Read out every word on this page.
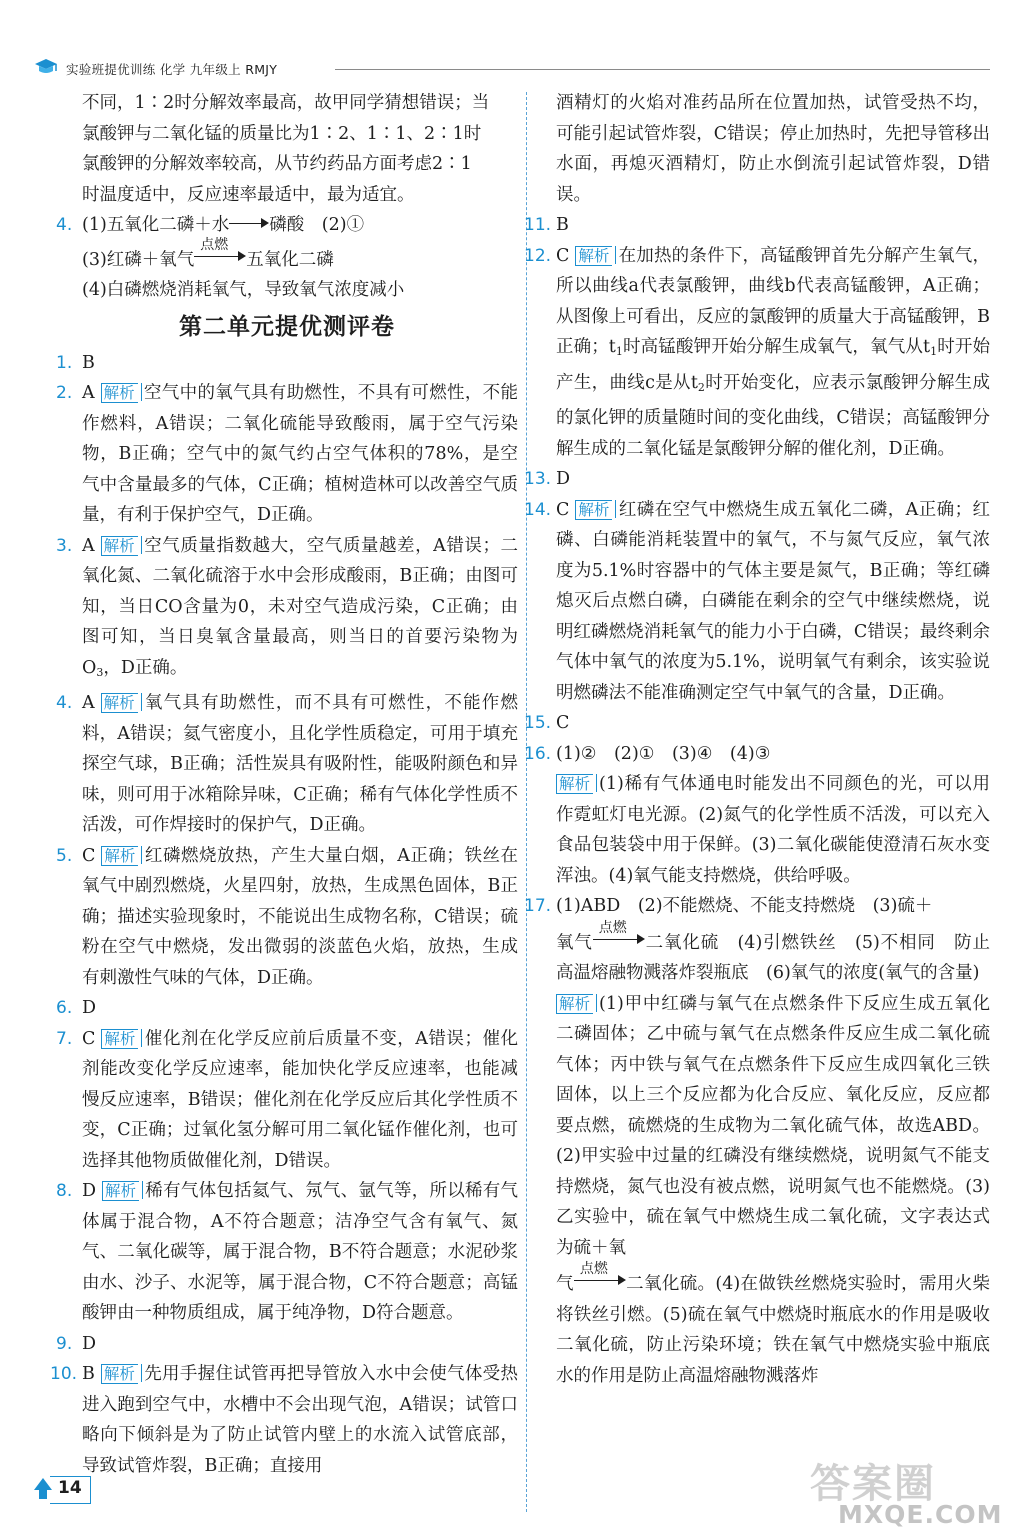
实验班提优训练 化学 九年级上 RMJY

不同，1∶2时分解效率最高，故甲同学猜想错误；当

氯酸钾与二氧化锰的质量比为1∶2、1∶1、2∶1时

氯酸钾的分解效率较高，从节约药品方面考虑2∶1

时温度适中，反应速率最适中，最为适宜。

4. (1)五氧化二磷＋水 磷酸　(2)①
(3)红磷＋氧气
点燃
五氧化二磷
(4)白磷燃烧消耗氧气，导致氧气浓度减小
第二单元提优测评卷
1. B
2. A 解析 空气中的氧气具有助燃性，不具有可燃性，不能作燃料，A错误；二氧化硫能导致酸雨，属于空气污染物，B正确；空气中的氮气约占空气体积的78%，是空气中含量最多的气体，C正确；植树造林可以改善空气质量，有利于保护空气，D正确。
3. A 解析 空气质量指数越大，空气质量越差，A错误；二氧化氮、二氧化硫溶于水中会形成酸雨，B正确；由图可知，当日CO含量为0，未对空气造成污染，C正确；由图可知，当日臭氧含量最高，则当日的首要污染物为$O_3$，D正确。
4. A 解析 氧气具有助燃性，而不具有可燃性，不能作燃料，A错误；氦气密度小，且化学性质稳定，可用于填充探空气球，B正确；活性炭具有吸附性，能吸附颜色和异味，则可用于冰箱除异味，C正确；稀有气体化学性质不活泼，可作焊接时的保护气，D正确。
5. C 解析 红磷燃烧放热，产生大量白烟，A正确；铁丝在氧气中剧烈燃烧，火星四射，放热，生成黑色固体，B正确；描述实验现象时，不能说出生成物名称，C错误；硫粉在空气中燃烧，发出微弱的淡蓝色火焰，放热，生成有刺激性气味的气体，D正确。
6. D
7. C 解析 催化剂在化学反应前后质量不变，A错误；催化剂能改变化学反应速率，能加快化学反应速率，也能减慢反应速率，B错误；催化剂在化学反应后其化学性质不变，C正确；过氧化氢分解可用二氧化锰作催化剂，也可选择其他物质做催化剂，D错误。
8. D 解析 稀有气体包括氦气、氖气、氩气等，所以稀有气体属于混合物，A不符合题意；洁净空气含有氧气、氮气、二氧化碳等，属于混合物，B不符合题意；水泥砂浆由水、沙子、水泥等，属于混合物，C不符合题意；高锰酸钾由一种物质组成，属于纯净物，D符合题意。
9. D
10. B 解析 先用手握住试管再把导管放入水中会使气体受热进入跑到空气中，水槽中不会出现气泡，A错误；试管口略向下倾斜是为了防止试管内壁上的水流入试管底部，导致试管炸裂，B正确；直接用
酒精灯的火焰对准药品所在位置加热，试管受热不均，可能引起试管炸裂，C错误；停止加热时，先把导管移出水面，再熄灭酒精灯，防止水倒流引起试管炸裂，D错误。
11. B
12. C 解析 在加热的条件下，高锰酸钾首先分解产生氧气，所以曲线a代表氯酸钾，曲线b代表高锰酸钾，A正确；从图像上可看出，反应的氯酸钾的质量大于高锰酸钾，B正确；$t_1$时高锰酸钾开始分解生成氧气，氧气从$t_1$时开始产生，曲线c是从$t_2$时开始变化，应表示氯酸钾分解生成的氯化钾的质量随时间的变化曲线，C错误；高锰酸钾分解生成的二氧化锰是氯酸钾分解的催化剂，D正确。
13. D
14. C 解析 红磷在空气中燃烧生成五氧化二磷，A正确；红磷、白磷能消耗装置中的氧气，不与氮气反应，氧气浓度为5.1%时容器中的气体主要是氮气，B正确；等红磷熄灭后点燃白磷，白磷能在剩余的空气中继续燃烧，说明红磷燃烧消耗氧气的能力小于白磷，C错误；最终剩余气体中氧气的浓度为5.1%，说明氧气有剩余，该实验说明燃磷法不能准确测定空气中氧气的含量，D正确。
15. C
16. (1)②　(2)①　(3)④　(4)③
解析 (1)稀有气体通电时能发出不同颜色的光，可以用作霓虹灯电光源。(2)氮气的化学性质不活泼，可以充入食品包装袋中用于保鲜。(3)二氧化碳能使澄清石灰水变浑浊。(4)氧气能支持燃烧，供给呼吸。
17. (1)ABD　(2)不能燃烧、不能支持燃烧　(3)硫＋
氧气
点燃
二氧化硫　(4)引燃铁丝　(5)不相同　防止高温熔融物溅落炸裂瓶底　(6)氧气的浓度(氧气的含量)
解析 (1)甲中红磷与氧气在点燃条件下反应生成五氧化二磷固体；乙中硫与氧气在点燃条件反应生成二氧化硫气体；丙中铁与氧气在点燃条件下反应生成四氧化三铁固体，以上三个反应都为化合反应、氧化反应，反应都要点燃，硫燃烧的生成物为二氧化硫气体，故选ABD。(2)甲实验中过量的红磷没有继续燃烧，说明氮气不能支持燃烧，氮气也没有被点燃，说明氮气也不能燃烧。(3)乙实验中，硫在氧气中燃烧生成二氧化硫，文字表达式为硫＋氧
气
点燃
二氧化硫。(4)在做铁丝燃烧实验时，需用火柴将铁丝引燃。(5)硫在氧气中燃烧时瓶底水的作用是吸收二氧化硫，防止污染环境；铁在氧气中燃烧实验中瓶底水的作用是防止高温熔融物溅落炸
14	答案圈
MXQE.COM
